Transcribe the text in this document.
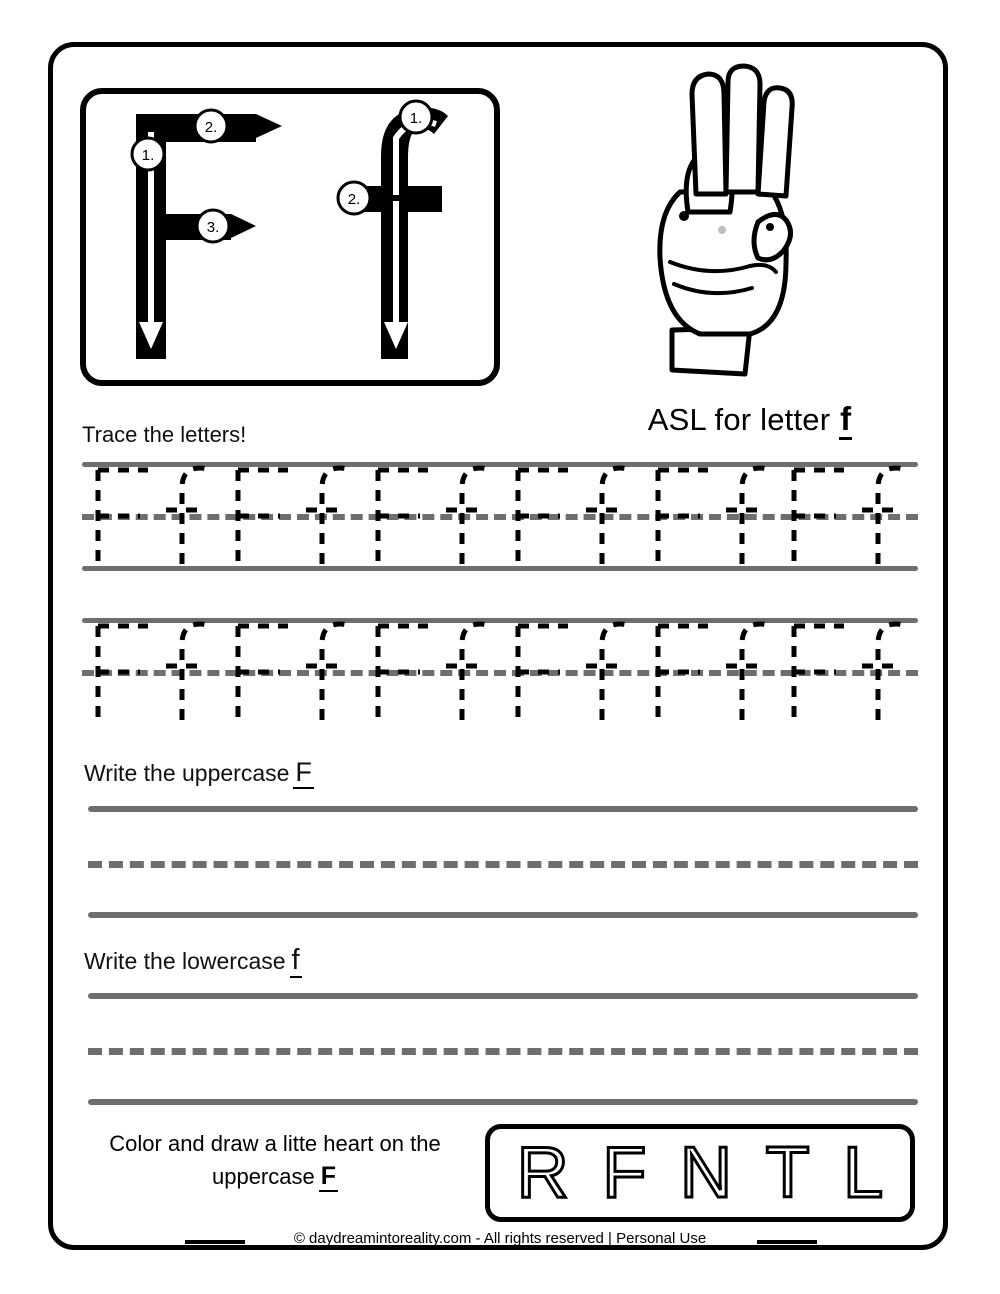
1.
2.
3.
1.
2.
ASL for letter f
Trace the letters!
Write the uppercase F
Write the lowercase f
Color and draw a litte heart on the
uppercase F	R F N T L
© daydreamintoreality.com - All rights reserved | Personal Use
